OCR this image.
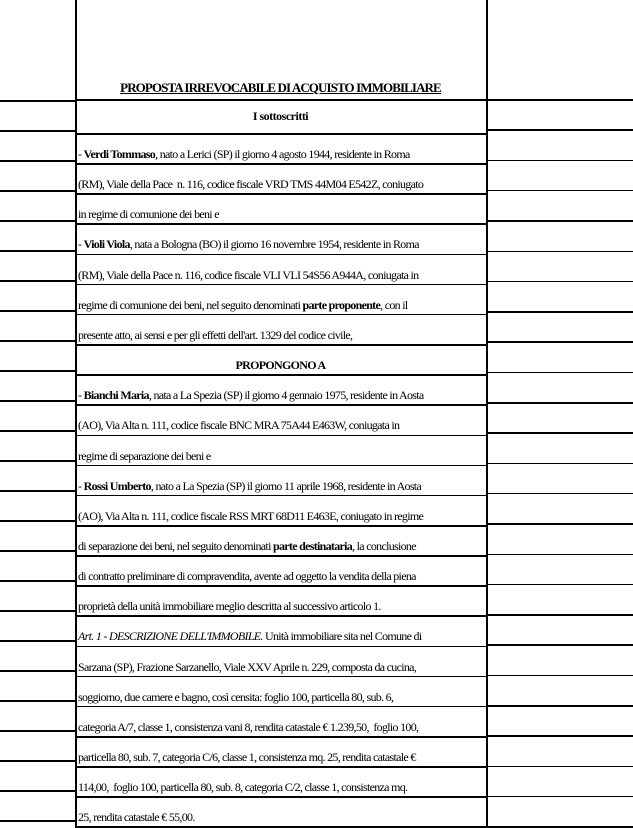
PROPOSTA IRREVOCABILE DI ACQUISTO IMMOBILIARE
I sottoscritti
- Verdi Tommaso, nato a Lerici (SP) il giorno 4 agosto 1944, residente in Roma
(RM), Viale della Pace  n. 116, codice fiscale VRD TMS 44M04 E542Z, coniugato
in regime di comunione dei beni e
- Violi Viola, nata a Bologna (BO) il giorno 16 novembre 1954, residente in Roma
(RM), Viale della Pace n. 116, codice fiscale VLI VLI 54S56 A944A, coniugata in
regime di comunione dei beni, nel seguito denominati parte proponente, con il
presente atto, ai sensi e per gli effetti dell'art. 1329 del codice civile,
PROPONGONO A
- Bianchi Maria, nata a La Spezia (SP) il giorno 4 gennaio 1975, residente in Aosta
(AO), Via Alta n. 111, codice fiscale BNC MRA 75A44 E463W, coniugata in
regime di separazione dei beni e
- Rossi Umberto, nato a La Spezia (SP) il giorno 11 aprile 1968, residente in Aosta
(AO), Via Alta n. 111, codice fiscale RSS MRT 68D11 E463E, coniugato in regime
di separazione dei beni, nel seguito denominati parte destinataria, la conclusione
di contratto preliminare di compravendita, avente ad oggetto la vendita della piena
proprietà della unità immobiliare meglio descritta al successivo articolo 1.
Art. 1 - DESCRIZIONE DELL'IMMOBILE. Unità immobiliare sita nel Comune di
Sarzana (SP), Frazione Sarzanello, Viale XXV Aprile n. 229, composta da cucina,
soggiorno, due camere e bagno, così censita: foglio 100, particella 80, sub. 6,
categoria A/7, classe 1, consistenza vani 8, rendita catastale € 1.239,50,  foglio 100,
particella 80, sub. 7, categoria C/6, classe 1, consistenza mq. 25, rendita catastale €
114,00,  foglio 100, particella 80, sub. 8, categoria C/2, classe 1, consistenza mq.
25, rendita catastale € 55,00.
